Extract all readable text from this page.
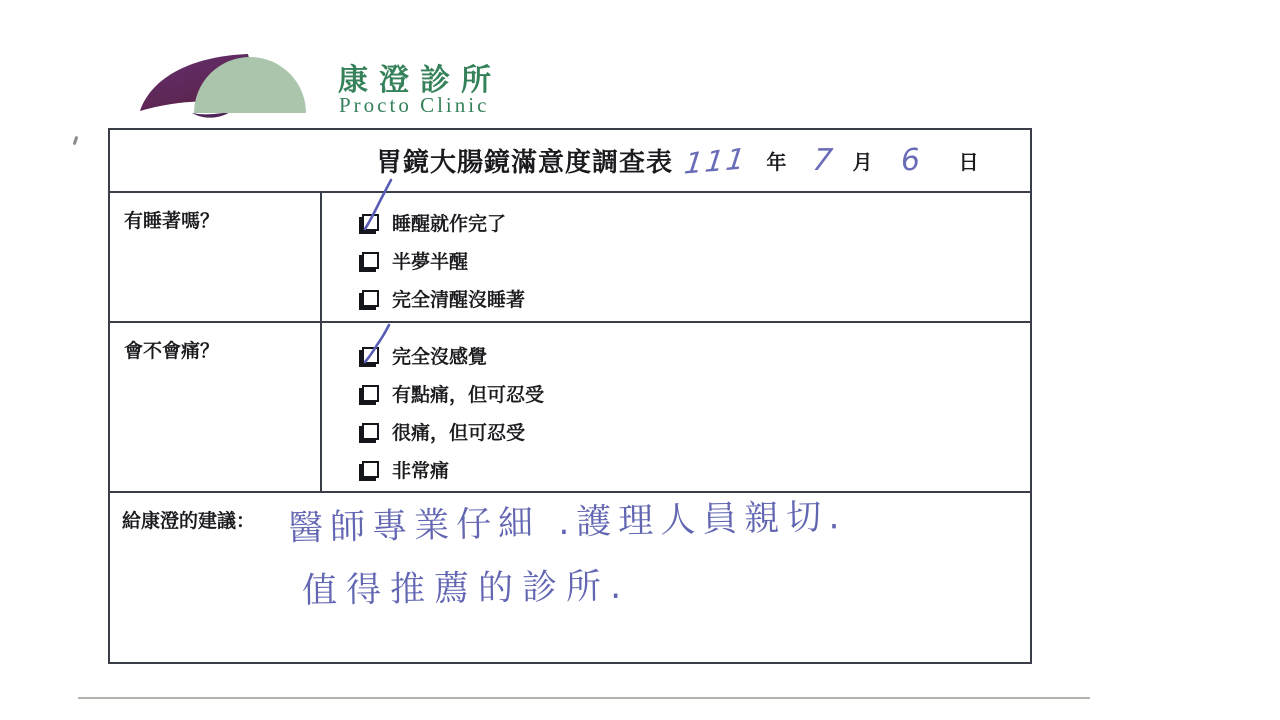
康澄診所
Procto Clinic
胃鏡大腸鏡滿意度調查表 111 年 7 月 6 日
有睡著嗎？	睡醒就作完了
半夢半醒
完全清醒沒睡著
會不會痛？	完全沒感覺
有點痛，但可忍受
很痛，但可忍受
非常痛
給康澄的建議： 醫師專業仔細 .護理人員親切.
值得推薦的診所.
